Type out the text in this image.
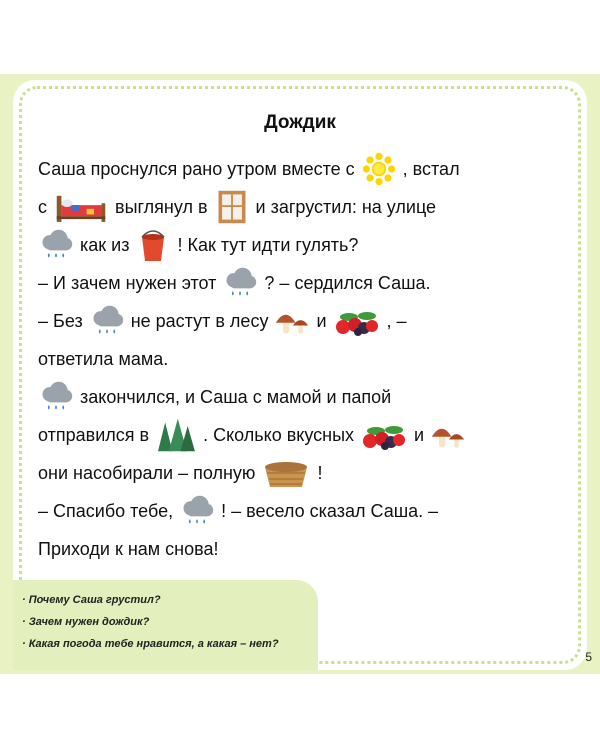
Дождик
Саша проснулся рано утром вместе с	, встал
с	выглянул в	и загрустил: на улице
как из	! Как тут идти гулять?
– И зачем нужен этот	? – сердился Саша.
– Без	не растут в лесу	и	, –
ответила мама.
закончился, и Саша с мамой и папой
отправился в	. Сколько вкусных	и
они насобирали – полную	!
– Спасибо тебе,	! – весело сказал Саша. –
Приходи к нам снова!
· Почему Саша грустил?
· Зачем нужен дождик?
· Какая погода тебе нравится, а какая – нет?
5
